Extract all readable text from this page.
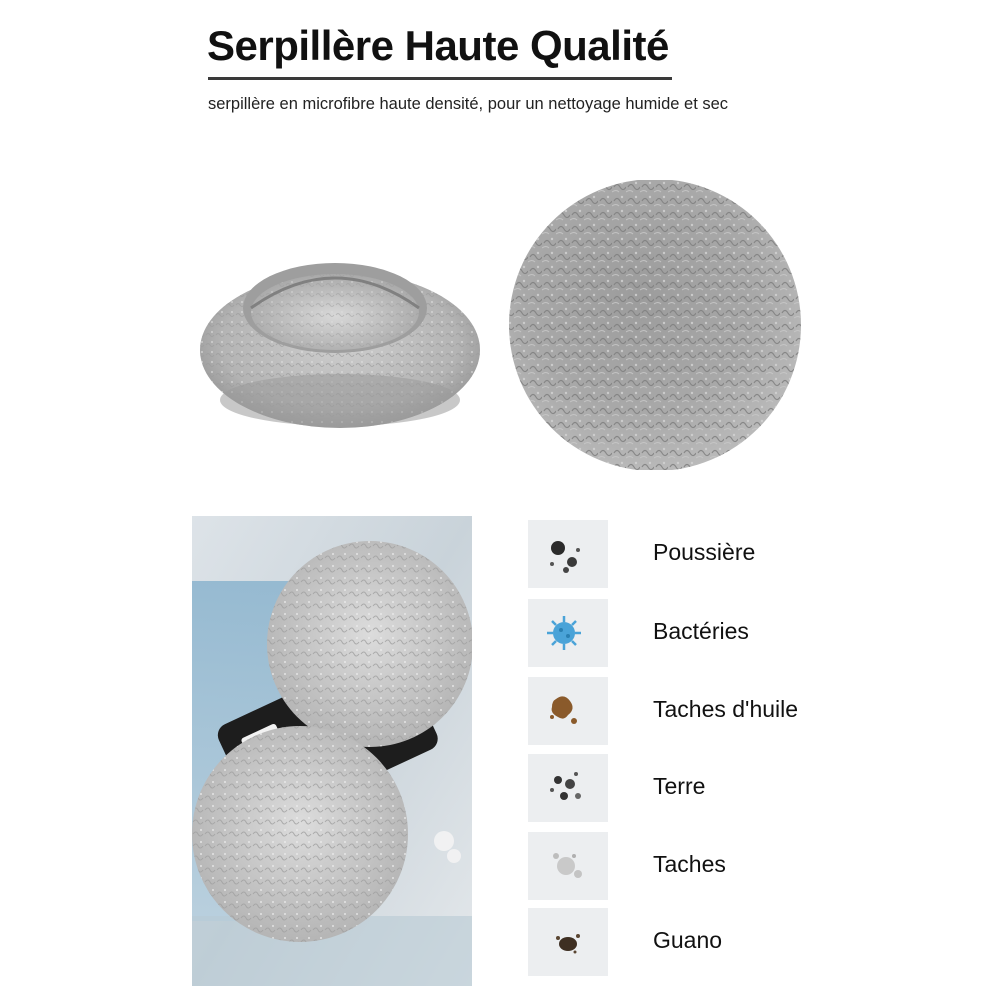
Serpillère Haute Qualité
serpillère en microfibre haute densité, pour un nettoyage humide et sec
Poussière
Bactéries
Taches d'huile
Terre
Taches
Guano
